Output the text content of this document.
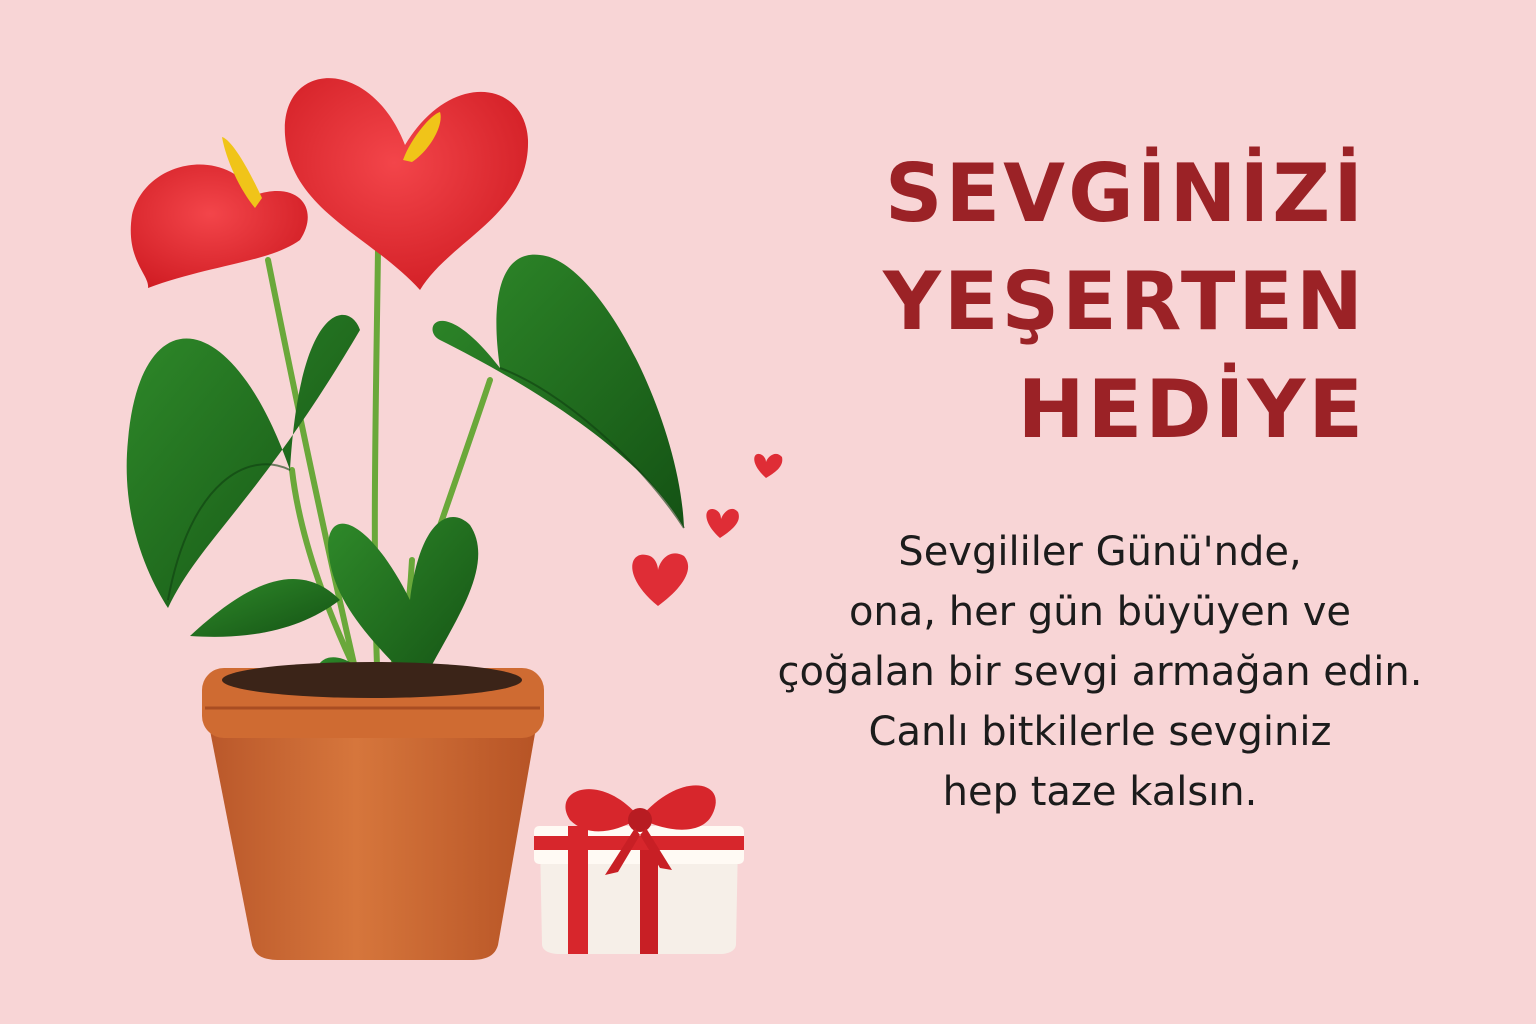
SEVGİNİZİ
YEŞERTEN
HEDİYE
Sevgililer Günü'nde,
ona, her gün büyüyen ve
çoğalan bir sevgi armağan edin.
Canlı bitkilerle sevginiz
hep taze kalsın.
